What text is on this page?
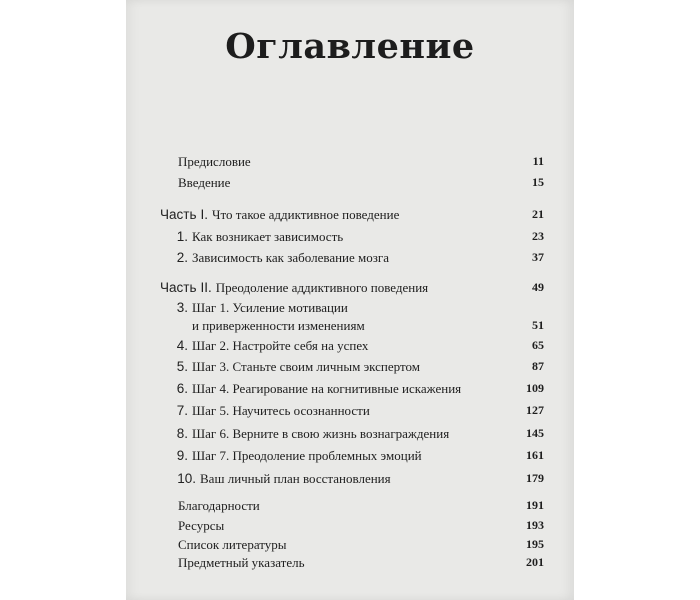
Оглавление
Предисловие	11
Введение	15
Часть I. Что такое аддиктивное поведение	21
1. Как возникает зависимость	23
2. Зависимость как заболевание мозга	37
Часть II. Преодоление аддиктивного поведения	49
3. Шаг 1. Усиление мотивации
и приверженности изменениям	51
4. Шаг 2. Настройте себя на успех	65
5. Шаг 3. Станьте своим личным экспертом	87
6. Шаг 4. Реагирование на когнитивные искажения	109
7. Шаг 5. Научитесь осознанности	127
8. Шаг 6. Верните в свою жизнь вознаграждения	145
9. Шаг 7. Преодоление проблемных эмоций	161
10. Ваш личный план восстановления	179
Благодарности	191
Ресурсы	193
Список литературы	195
Предметный указатель	201
